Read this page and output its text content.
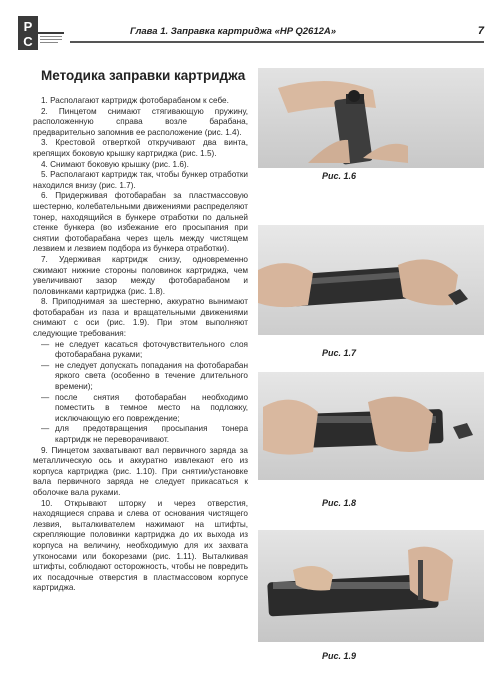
Р
С
Глава 1. Заправка картриджа «HP Q2612A»	7
Методика заправки картриджа

1. Располагают картридж фотобарабаном к себе.

2. Пинцетом снимают стягивающую пружину, расположенную справа возле барабана, предварительно запомнив ее расположение (рис. 1.4).

3. Крестовой отверткой откручивают два винта, крепящих боковую крышку картриджа (рис. 1.5).

4. Снимают боковую крышку (рис. 1.6).

5. Располагают картридж так, чтобы бункер отработки находился внизу (рис. 1.7).

6. Придерживая фотобарабан за пластмассовую шестерню, колебательными движениями распределяют тонер, находящийся в бункере отработки по дальней стенке бункера (во избежание его просыпания при снятии фотобарабана через щель между чистящем лезвием и лезвием подбора из бункера отработки).

7. Удерживая картридж снизу, одновременно сжимают нижние стороны половинок картриджа, чем увеличивают зазор между фотобарабаном и половинками картриджа (рис. 1.8).

8. Приподнимая за шестерню, аккуратно вынимают фотобарабан из паза и вращательными движениями снимают с оси (рис. 1.9). При этом выполняют следующие требования:

— не следует касаться фоточувствительного слоя фотобарабана руками;
— не следует допускать попадания на фотобарабан яркого света (особенно в течение длительного времени);
— после снятия фотобарабан необходимо поместить в темное место на подложку, исключающую его повреждение;
— для предотвращения просыпания тонера картридж не переворачивают.

9. Пинцетом захватывают вал первичного заряда за металлическую ось и аккуратно извлекают его из корпуса картриджа (рис. 1.10). При снятии/установке вала первичного заряда не следует прикасаться к оболочке вала руками.

10. Открывают шторку и через отверстия, находящиеся справа и слева от основания чистящего лезвия, выталкивателем нажимают на штифты, скрепляющие половинки картриджа до их выхода из корпуса на величину, необходимую для их захвата утконосами или бокорезами (рис. 1.11). Выталкивая штифты, соблюдают осторожность, чтобы не повредить их посадочные отверстия в пластмассовом корпусе картриджа.

Рис. 1.6
Рис. 1.7
Рис. 1.8
Рис. 1.9
